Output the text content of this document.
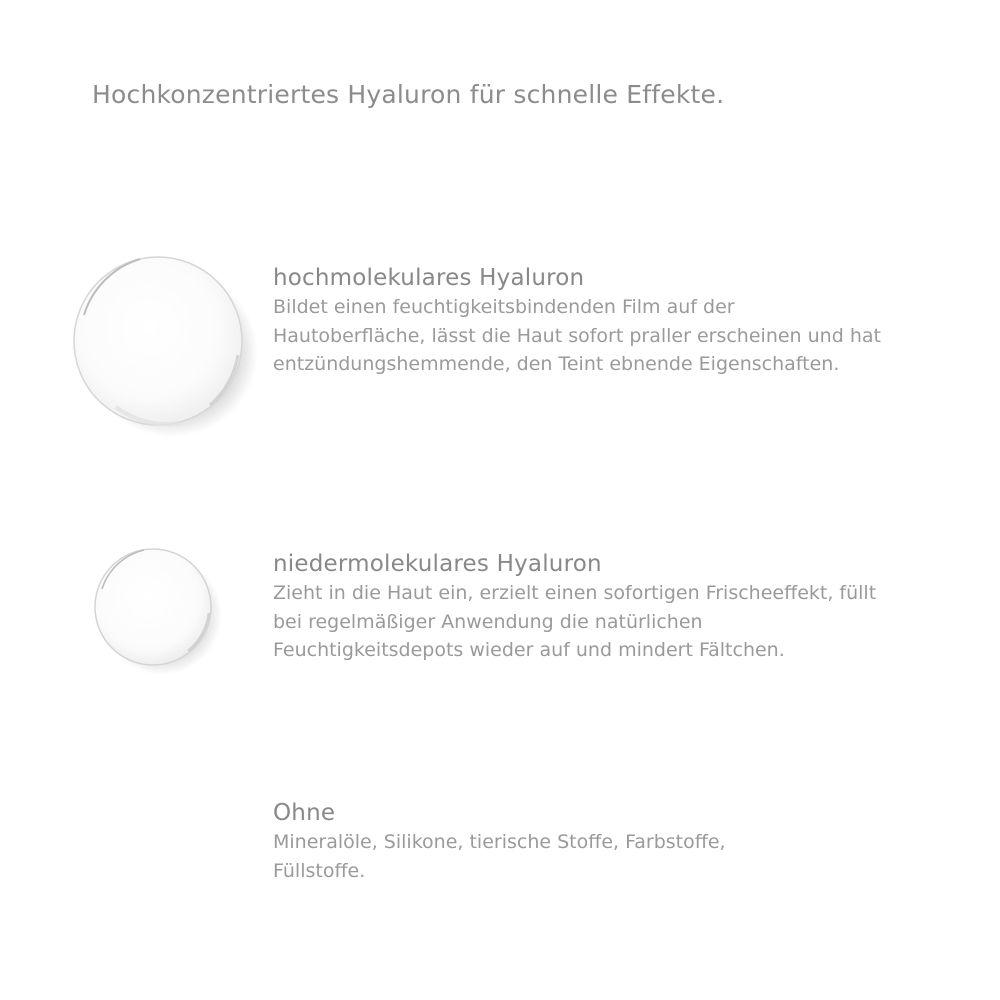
Hochkonzentriertes Hyaluron für schnelle Effekte.
hochmolekulares Hyaluron

Bildet einen feuchtigkeitsbindenden Film auf der Hautoberfläche, lässt die Haut sofort praller erscheinen und hat entzündungshemmende, den Teint ebnende Eigenschaften.

niedermolekulares Hyaluron

Zieht in die Haut ein, erzielt einen sofortigen Frischeeffekt, füllt bei regelmäßiger Anwendung die natürlichen Feuchtigkeitsdepots wieder auf und mindert Fältchen.

Ohne

Mineralöle, Silikone, tierische Stoffe, Farbstoffe, Füllstoffe.
